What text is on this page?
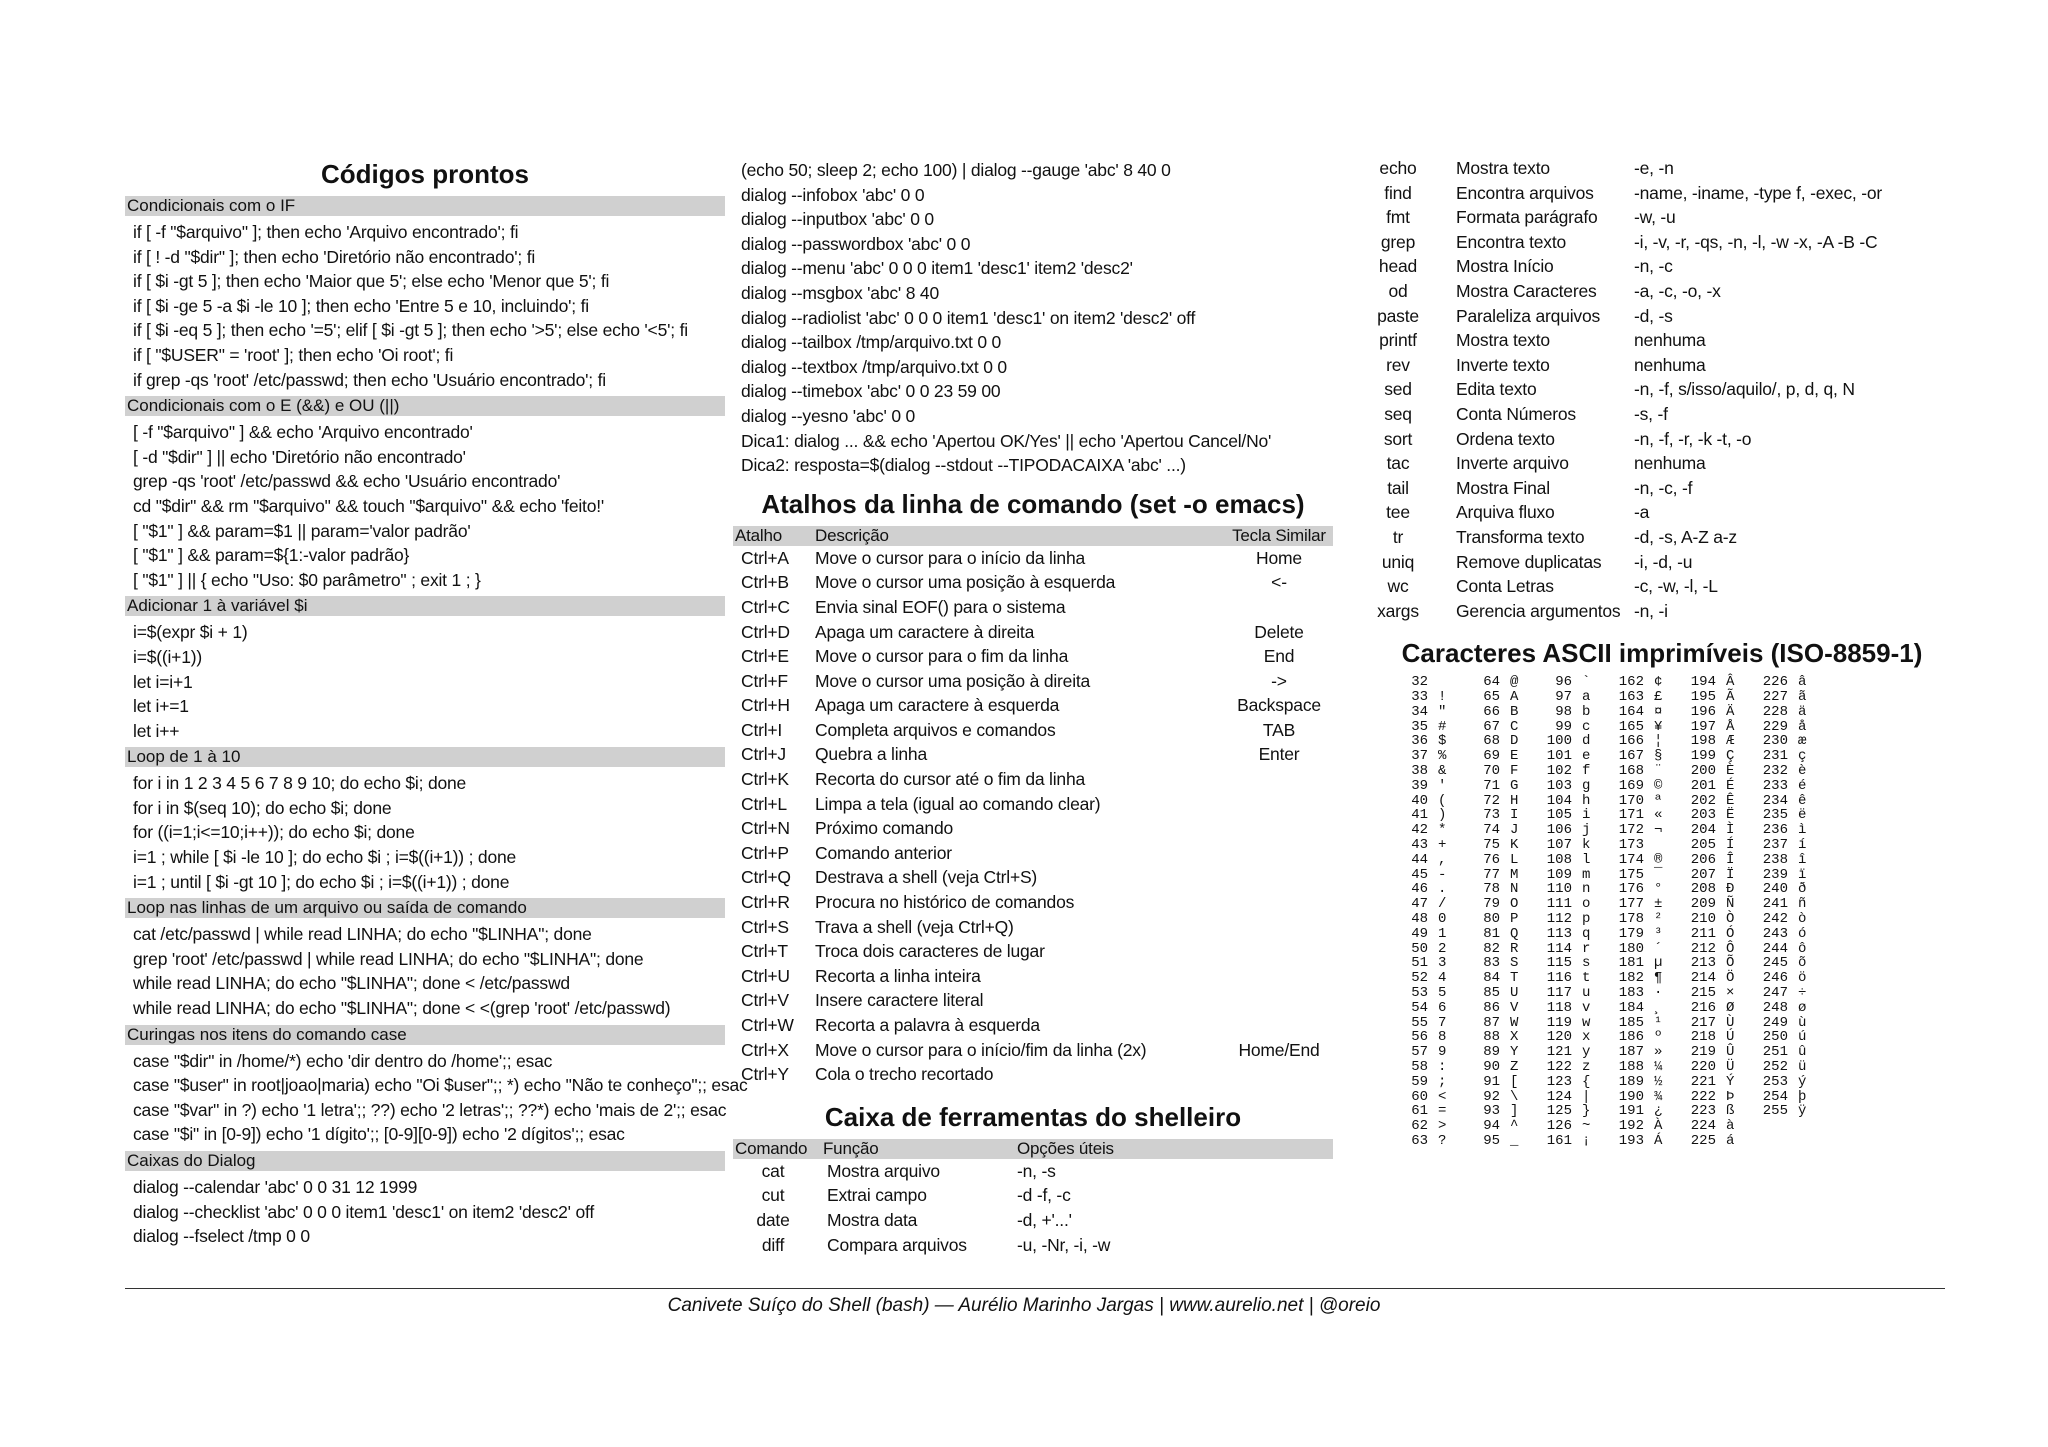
Códigos prontos
Condicionais com o IF
if [ -f "$arquivo" ]; then echo 'Arquivo encontrado'; fi
if [ ! -d "$dir" ]; then echo 'Diretório não encontrado'; fi
if [ $i -gt 5 ]; then echo 'Maior que 5'; else echo 'Menor que 5'; fi
if [ $i -ge 5 -a $i -le 10 ]; then echo 'Entre 5 e 10, incluindo'; fi
if [ $i -eq 5 ]; then echo '=5'; elif [ $i -gt 5 ]; then echo '>5'; else echo '<5'; fi
if [ "$USER" = 'root' ]; then echo 'Oi root'; fi
if grep -qs 'root' /etc/passwd; then echo 'Usuário encontrado'; fi
Condicionais com o E (&&) e OU (||)
[ -f "$arquivo" ] && echo 'Arquivo encontrado'
[ -d "$dir" ] || echo 'Diretório não encontrado'
grep -qs 'root' /etc/passwd && echo 'Usuário encontrado'
cd "$dir" && rm "$arquivo" && touch "$arquivo" && echo 'feito!'
[ "$1" ] && param=$1 || param='valor padrão'
[ "$1" ] && param=${1:-valor padrão}
[ "$1" ] || { echo "Uso: $0 parâmetro" ; exit 1 ; }
Adicionar 1 à variável $i
i=$(expr $i + 1)
i=$((i+1))
let i=i+1
let i+=1
let i++
Loop de 1 à 10
for i in 1 2 3 4 5 6 7 8 9 10; do echo $i; done
for i in $(seq 10); do echo $i; done
for ((i=1;i<=10;i++)); do echo $i; done
i=1 ; while [ $i -le 10 ]; do echo $i ; i=$((i+1)) ; done
i=1 ; until [ $i -gt 10 ]; do echo $i ; i=$((i+1)) ; done
Loop nas linhas de um arquivo ou saída de comando
cat /etc/passwd | while read LINHA; do echo "$LINHA"; done
grep 'root' /etc/passwd | while read LINHA; do echo "$LINHA"; done
while read LINHA; do echo "$LINHA"; done < /etc/passwd
while read LINHA; do echo "$LINHA"; done < <(grep 'root' /etc/passwd)
Curingas nos itens do comando case
case "$dir" in /home/*) echo 'dir dentro do /home';; esac
case "$user" in root|joao|maria) echo "Oi $user";; *) echo "Não te conheço";; esac
case "$var" in ?) echo '1 letra';; ??) echo '2 letras';; ??*) echo 'mais de 2';; esac
case "$i" in [0-9]) echo '1 dígito';; [0-9][0-9]) echo '2 dígitos';; esac
Caixas do Dialog
dialog --calendar 'abc' 0 0 31 12 1999
dialog --checklist 'abc' 0 0 0 item1 'desc1' on item2 'desc2' off
dialog --fselect /tmp 0 0
(echo 50; sleep 2; echo 100) | dialog --gauge 'abc' 8 40 0
dialog --infobox 'abc' 0 0
dialog --inputbox 'abc' 0 0
dialog --passwordbox 'abc' 0 0
dialog --menu 'abc' 0 0 0 item1 'desc1' item2 'desc2'
dialog --msgbox 'abc' 8 40
dialog --radiolist 'abc' 0 0 0 item1 'desc1' on item2 'desc2' off
dialog --tailbox /tmp/arquivo.txt 0 0
dialog --textbox /tmp/arquivo.txt 0 0
dialog --timebox 'abc' 0 0 23 59 00
dialog --yesno 'abc' 0 0
Dica1: dialog ... && echo 'Apertou OK/Yes' || echo 'Apertou Cancel/No'
Dica2: resposta=$(dialog --stdout --TIPODACAIXA 'abc' ...)
Atalhos da linha de comando (set -o emacs)
Atalho	Descrição	Tecla Similar
Ctrl+A	Move o cursor para o início da linha	Home
Ctrl+B	Move o cursor uma posição à esquerda	<-
Ctrl+C	Envia sinal EOF() para o sistema	
Ctrl+D	Apaga um caractere à direita	Delete
Ctrl+E	Move o cursor para o fim da linha	End
Ctrl+F	Move o cursor uma posição à direita	->
Ctrl+H	Apaga um caractere à esquerda	Backspace
Ctrl+I	Completa arquivos e comandos	TAB
Ctrl+J	Quebra a linha	Enter
Ctrl+K	Recorta do cursor até o fim da linha	
Ctrl+L	Limpa a tela (igual ao comando clear)	
Ctrl+N	Próximo comando	
Ctrl+P	Comando anterior	
Ctrl+Q	Destrava a shell (veja Ctrl+S)	
Ctrl+R	Procura no histórico de comandos	
Ctrl+S	Trava a shell (veja Ctrl+Q)	
Ctrl+T	Troca dois caracteres de lugar	
Ctrl+U	Recorta a linha inteira	
Ctrl+V	Insere caractere literal	
Ctrl+W	Recorta a palavra à esquerda	
Ctrl+X	Move o cursor para o início/fim da linha (2x)	Home/End
Ctrl+Y	Cola o trecho recortado	
Caixa de ferramentas do shelleiro
Comando	Função	Opções úteis
cat	Mostra arquivo	-n, -s
cut	Extrai campo	-d -f, -c
date	Mostra data	-d, +'...'
diff	Compara arquivos	-u, -Nr, -i, -w
echo	Mostra texto	-e, -n
find	Encontra arquivos	-name, -iname, -type f, -exec, -or
fmt	Formata parágrafo	-w, -u
grep	Encontra texto	-i, -v, -r, -qs, -n, -l, -w -x, -A -B -C
head	Mostra Início	-n, -c
od	Mostra Caracteres	-a, -c, -o, -x
paste	Paraleliza arquivos	-d, -s
printf	Mostra texto	nenhuma
rev	Inverte texto	nenhuma
sed	Edita texto	-n, -f, s/isso/aquilo/, p, d, q, N
seq	Conta Números	-s, -f
sort	Ordena texto	-n, -f, -r, -k -t, -o
tac	Inverte arquivo	nenhuma
tail	Mostra Final	-n, -c, -f
tee	Arquiva fluxo	-a
tr	Transforma texto	-d, -s, A-Z a-z
uniq	Remove duplicatas	-i, -d, -u
wc	Conta Letras	-c, -w, -l, -L
xargs	Gerencia argumentos	-n, -i
Caracteres ASCII imprimíveis (ISO-8859-1)
32

33 !
34 "
35 #
36 $
37 %
38 &
39 '
40 (
41 )
42 *
43 +
44 ,
45 -
46 .
47 /
48 0
49 1
50 2
51 3
52 4
53 5
54 6
55 7
56 8
57 9
58 :
59 ;
60 <
61 =
62 >
63 ?
64 @
65 A
66 B
67 C
68 D
69 E
70 F
71 G
72 H
73 I
74 J
75 K
76 L
77 M
78 N
79 O
80 P
81 Q
82 R
83 S
84 T
85 U
86 V
87 W
88 X
89 Y
90 Z
91 [
92 \
93 ]
94 ^
95 _
96 `
97 a
98 b
99 c
100 d
101 e
102 f
103 g
104 h
105 i
106 j
107 k
108 l
109 m
110 n
111 o
112 p
113 q
114 r
115 s
116 t
117 u
118 v
119 w
120 x
121 y
122 z
123 {
124 |
125 }
126 ~
161 ¡
162 ¢
163 £
164 ¤
165 ¥
166 ¦
167 §
168 ¨
169 ©
170 ª
171 «
172 ¬
173
174 ®
175 ¯
176 °
177 ±
178 ²
179 ³
180 ´
181 µ
182 ¶
183 ·
184 ¸
185 ¹
186 º
187 »
188 ¼
189 ½
190 ¾
191 ¿
192 À
193 Á
194 Â
195 Ã
196 Ä
197 Å
198 Æ
199 Ç
200 È
201 É
202 Ê
203 Ë
204 Ì
205 Í
206 Î
207 Ï
208 Ð
209 Ñ
210 Ò
211 Ó
212 Ô
213 Õ
214 Ö
215 ×
216 Ø
217 Ù
218 Ú
219 Û
220 Ü
221 Ý
222 Þ
223 ß
224 à
225 á
226 â
227 ã
228 ä
229 å
230 æ
231 ç
232 è
233 é
234 ê
235 ë
236 ì
237 í
238 î
239 ï
240 ð
241 ñ
242 ò
243 ó
244 ô
245 õ
246 ö
247 ÷
248 ø
249 ù
250 ú
251 û
252 ü
253 ý
254 þ
255 ÿ
Canivete Suíço do Shell (bash) — Aurélio Marinho Jargas | www.aurelio.net | @oreio
